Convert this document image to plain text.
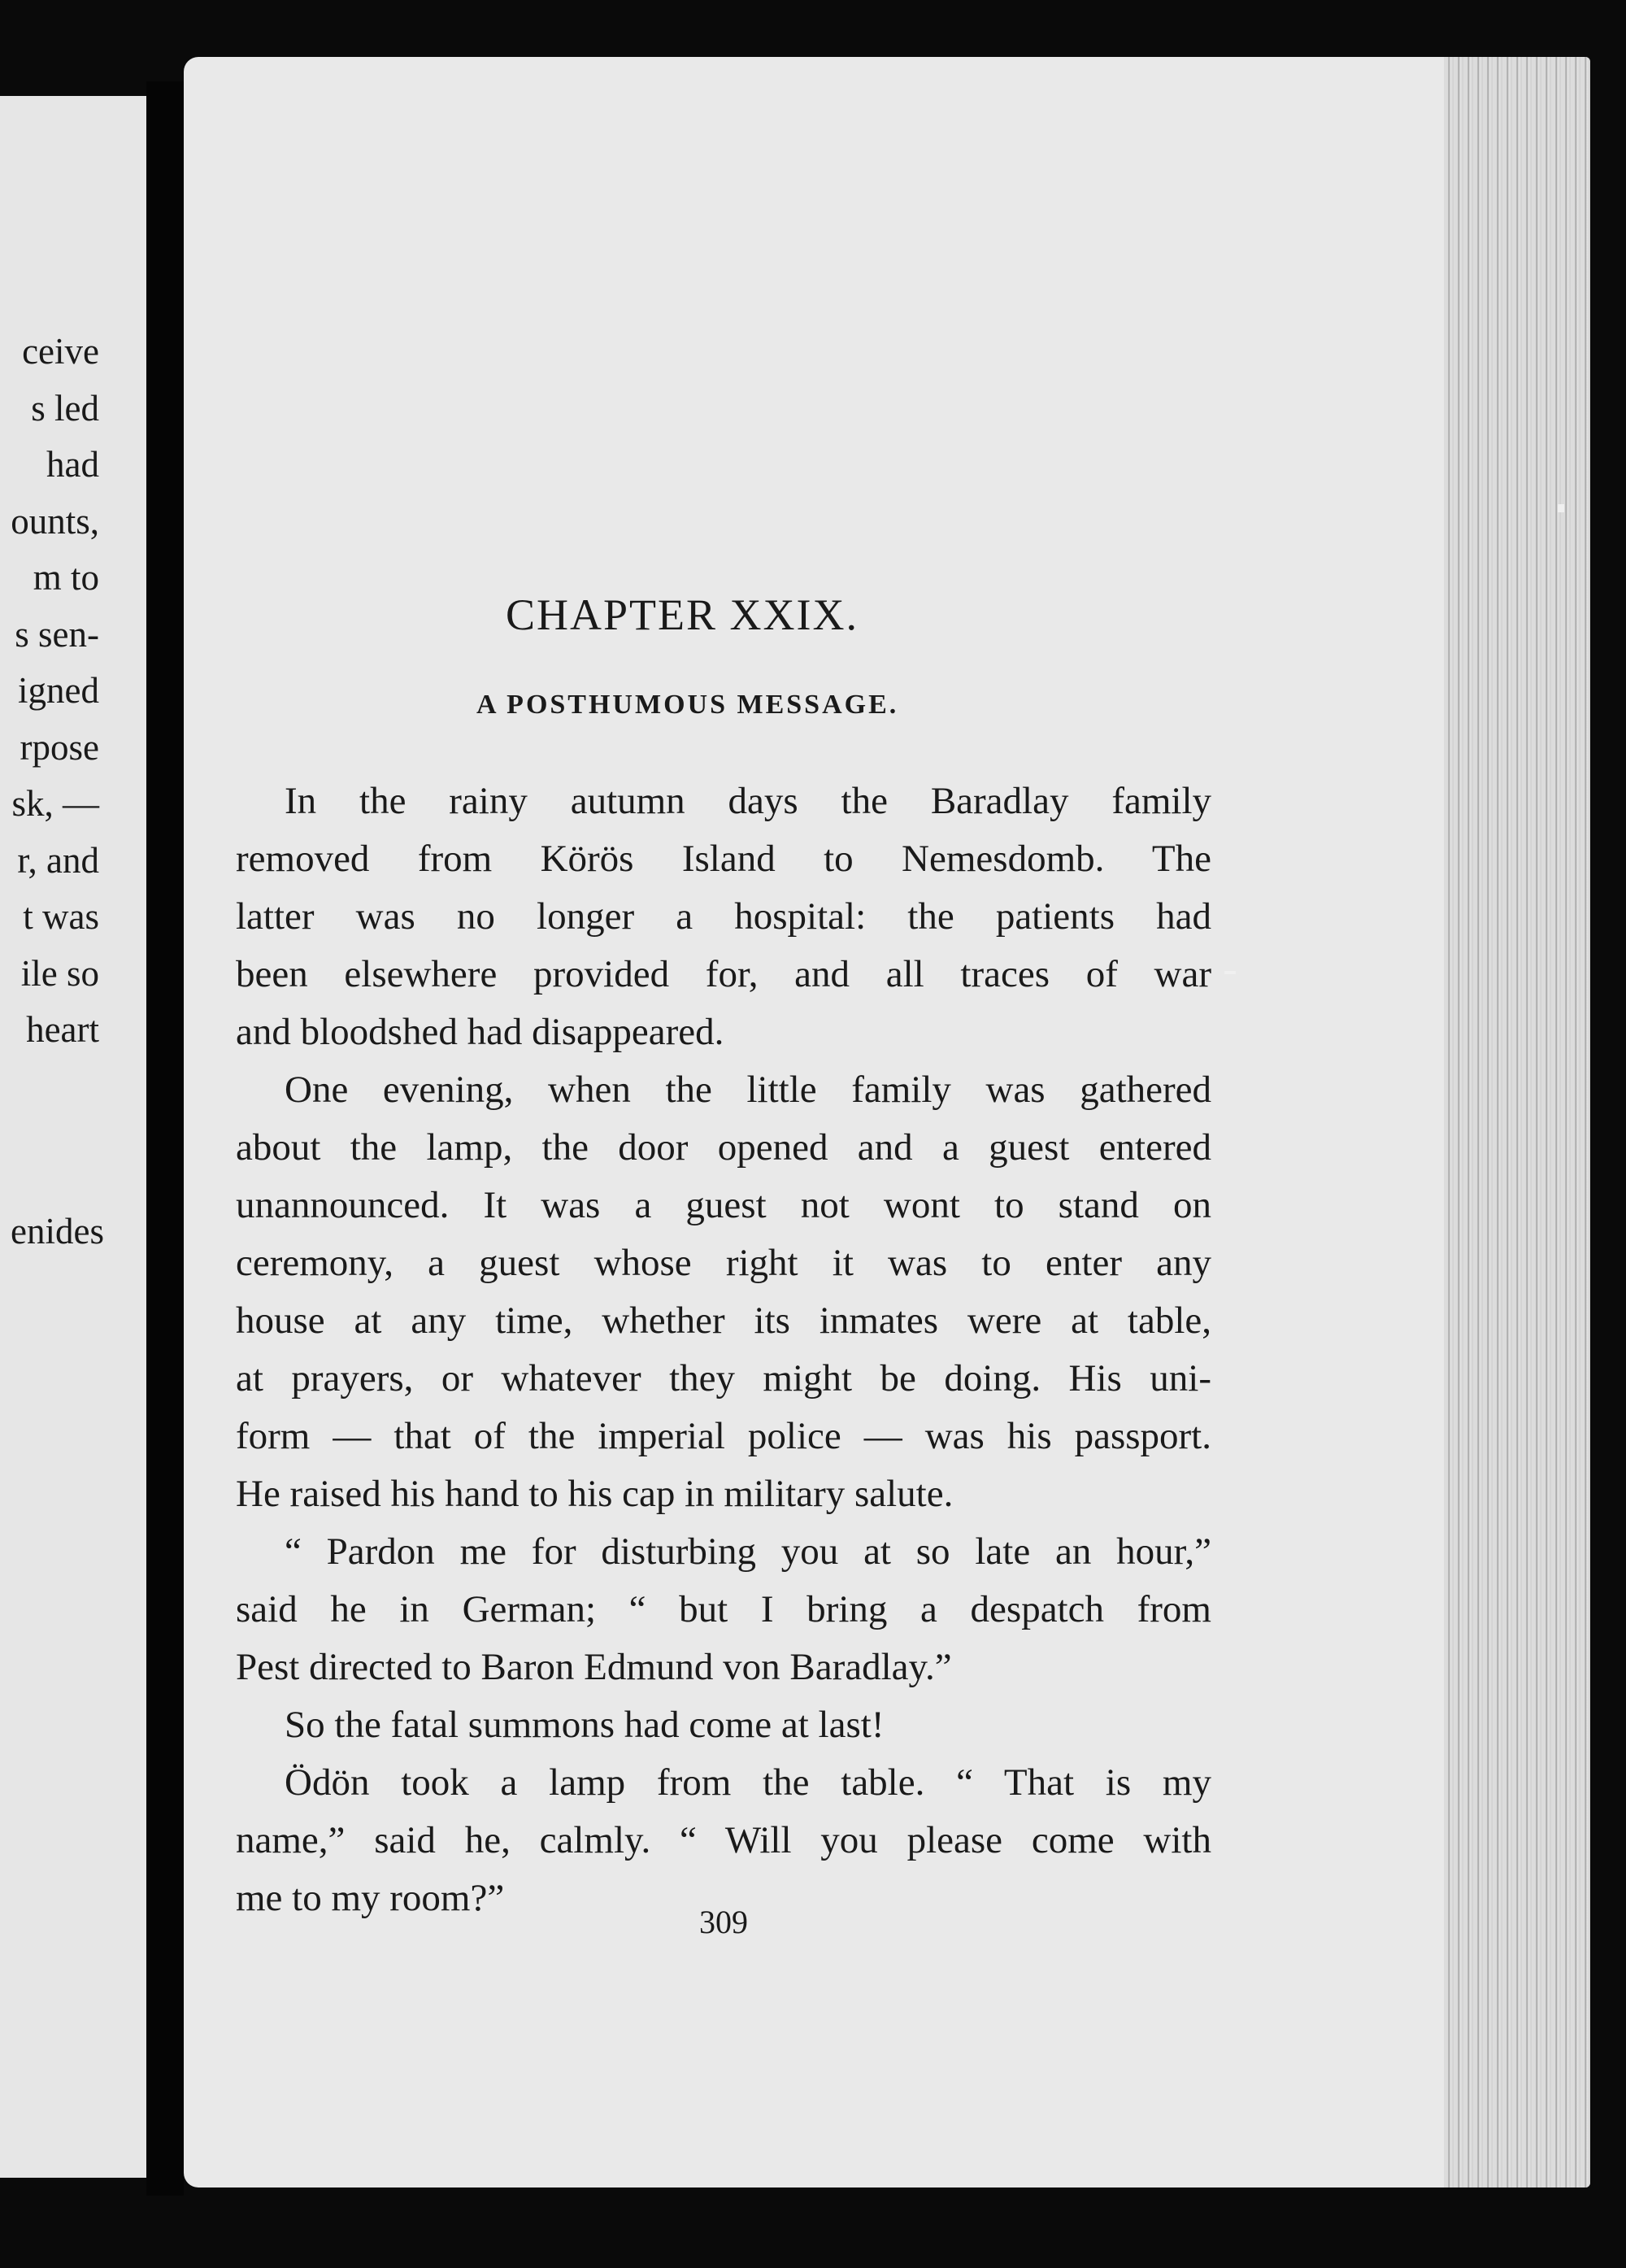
ceive
s led
had
ounts,
m to
s sen-
igned
rpose
sk, —
r, and
t was
ile so
heart
enides
CHAPTER XXIX.
A POSTHUMOUS MESSAGE.
In the rainy autumn days the Baradlay family
removed from Körös Island to Nemesdomb. The
latter was no longer a hospital: the patients had
been elsewhere provided for, and all traces of war
and bloodshed had disappeared.
One evening, when the little family was gathered
about the lamp, the door opened and a guest entered
unannounced. It was a guest not wont to stand on
ceremony, a guest whose right it was to enter any
house at any time, whether its inmates were at table,
at prayers, or whatever they might be doing. His uni-
form — that of the imperial police — was his passport.
He raised his hand to his cap in military salute.
“ Pardon me for disturbing you at so late an hour,”
said he in German; “ but I bring a despatch from
Pest directed to Baron Edmund von Baradlay.”
So the fatal summons had come at last!
Ödön took a lamp from the table. “ That is my
name,” said he, calmly. “ Will you please come with
me to my room?”
309
